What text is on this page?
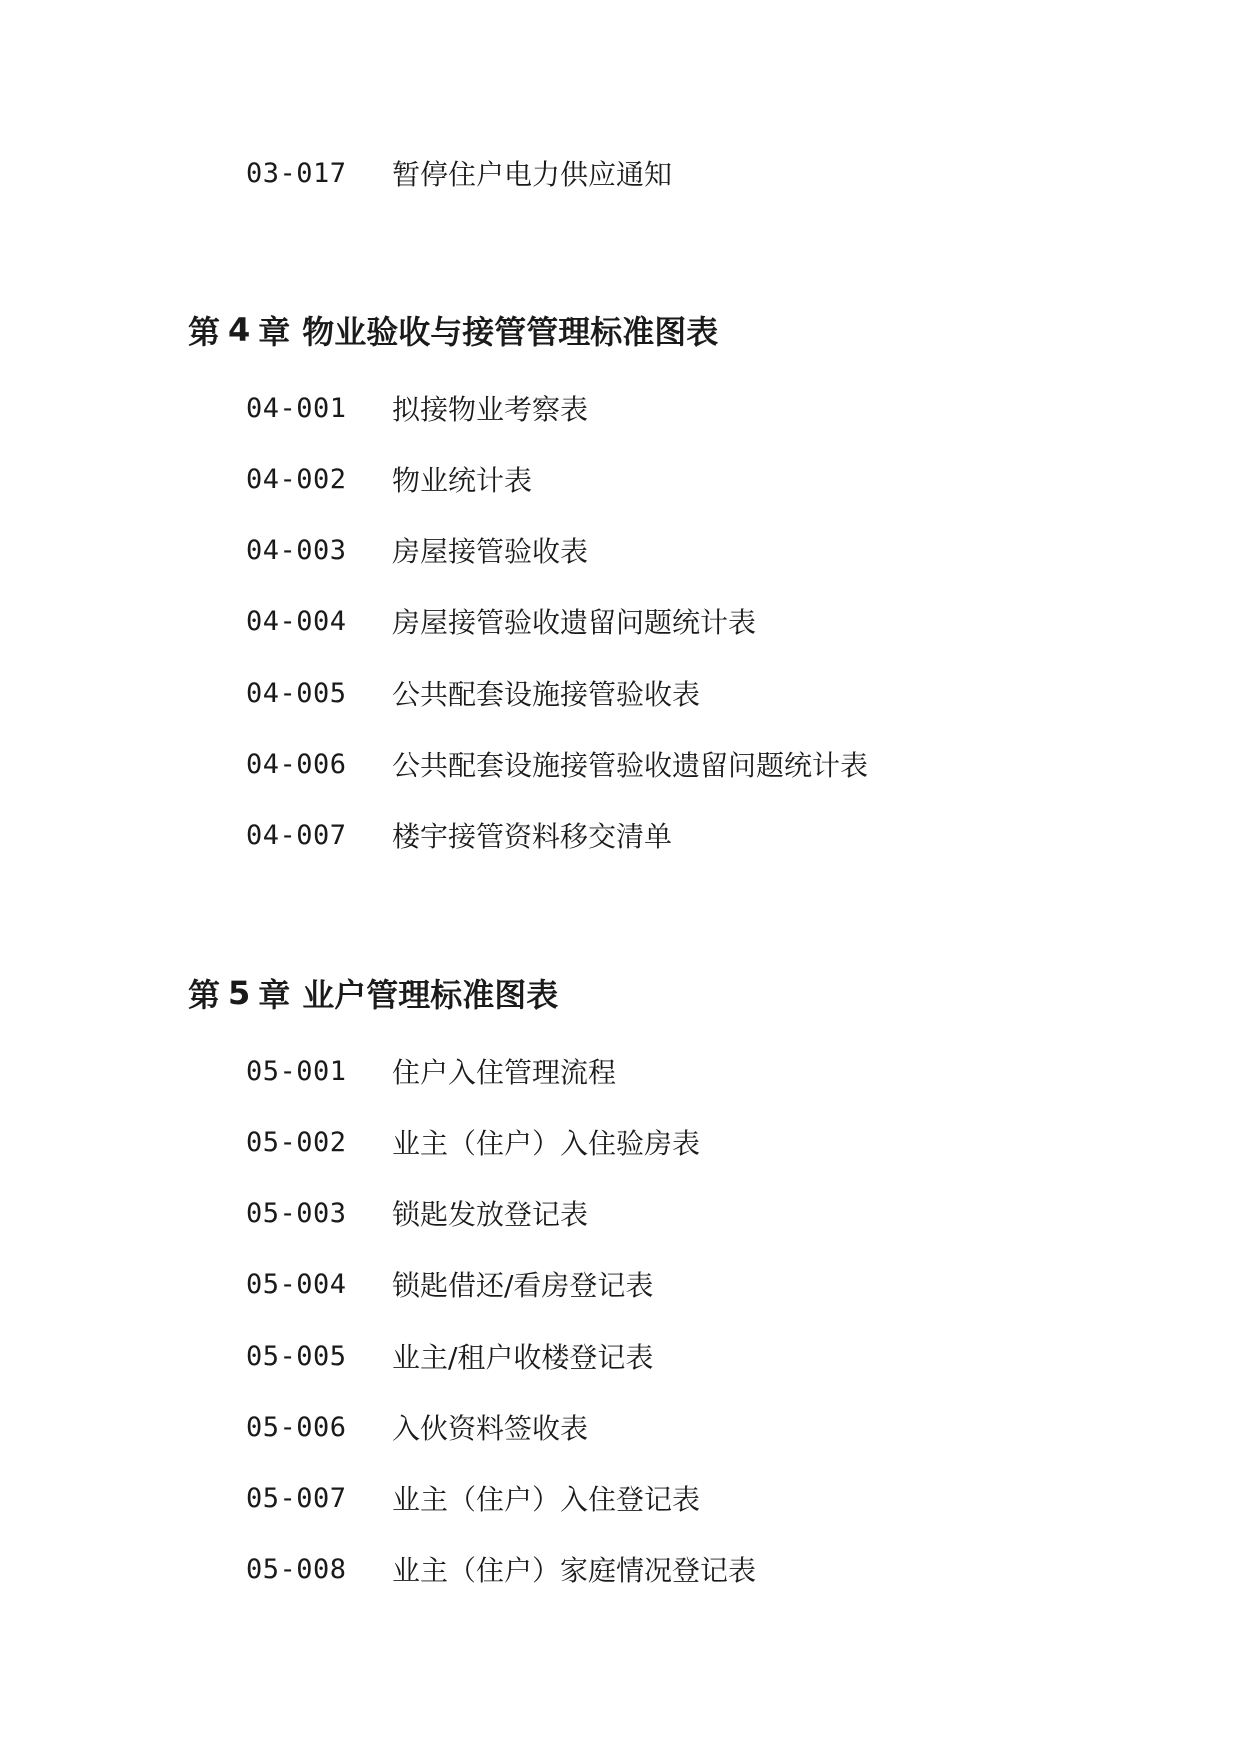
03-017	暂停住户电力供应通知
第 4 章 物业验收与接管管理标准图表
04-001	拟接物业考察表
04-002	物业统计表
04-003	房屋接管验收表
04-004	房屋接管验收遗留问题统计表
04-005	公共配套设施接管验收表
04-006	公共配套设施接管验收遗留问题统计表
04-007	楼宇接管资料移交清单
第 5 章 业户管理标准图表
05-001	住户入住管理流程
05-002	业主（住户）入住验房表
05-003	锁匙发放登记表
05-004	锁匙借还/看房登记表
05-005	业主/租户收楼登记表
05-006	入伙资料签收表
05-007	业主（住户）入住登记表
05-008	业主（住户）家庭情况登记表
